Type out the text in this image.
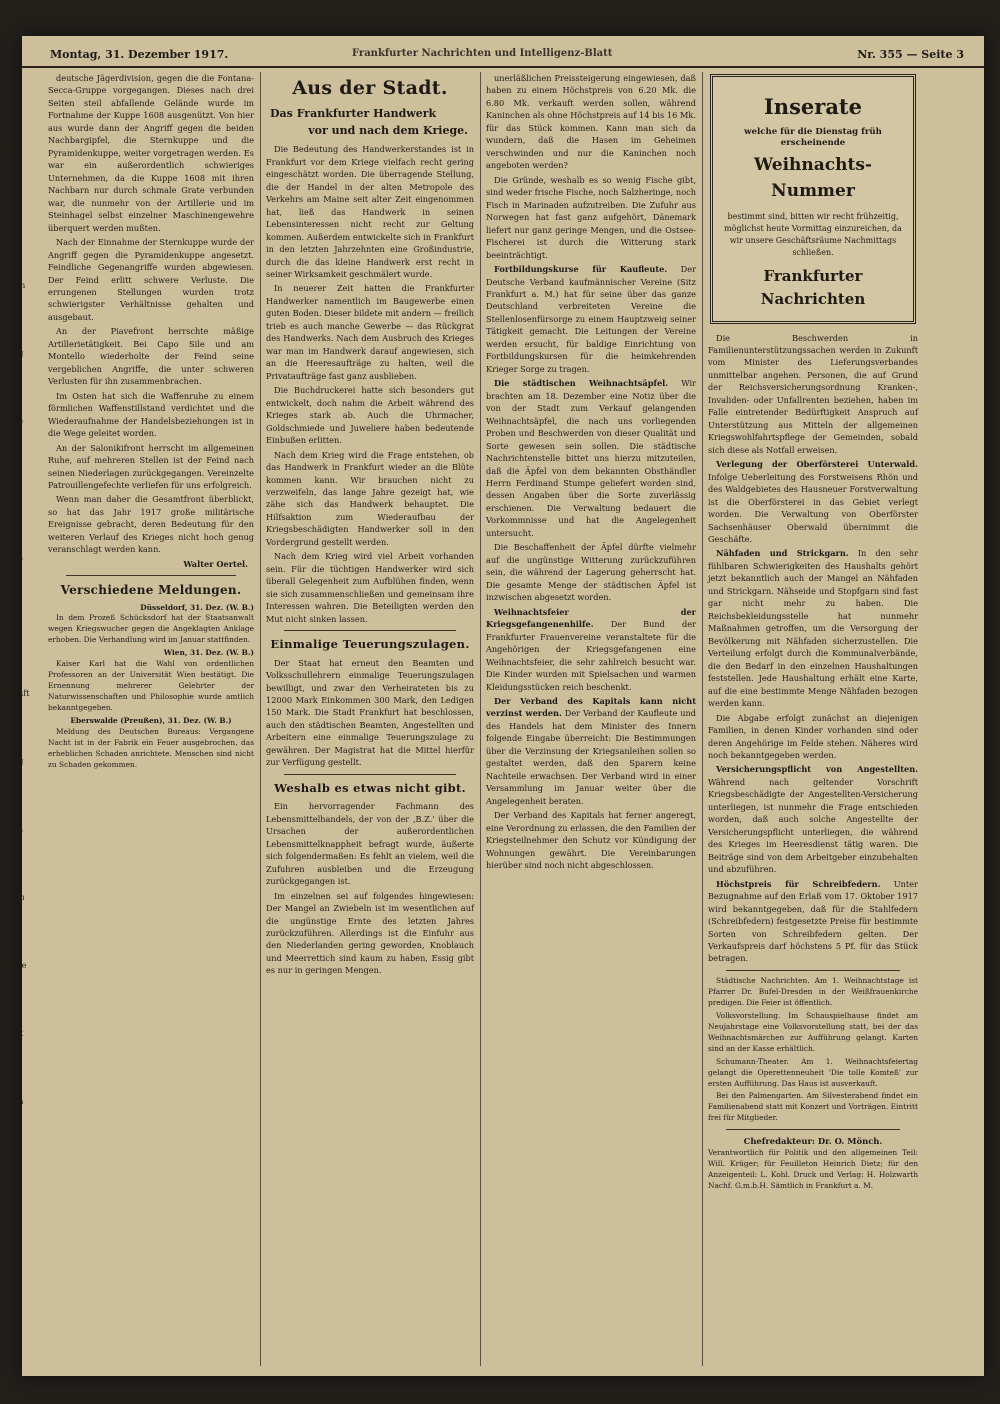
..ß
die
in
iken
ung
nde
ehr
ben
pes
kunft
ung
lien
rum
orde
tert
ifen
ern
Montag, 31. Dezember 1917.	Frankfurter Nachrichten und Intelligenz-Blatt	Nr. 355 — Seite 3

deutsche Jägerdivision, gegen die die Fontana-Secca-Gruppe vorgegangen. Dieses nach drei Seiten steil abfallende Gelände wurde im Fortnahme der Kuppe 1608 ausgenützt. Von hier aus wurde dann der Angriff gegen die beiden Nachbargipfel, die Sternkuppe und die Pyramidenkuppe, weiter vorgetragen werden. Es war ein außerordentlich schwieriges Unternehmen, da die Kuppe 1608 mit ihren Nachbarn nur durch schmale Grate verbunden war, die nunmehr von der Artillerie und im Steinhagel selbst einzelner Maschinengewehre überquert werden mußten.

Nach der Einnahme der Sternkuppe wurde der Angriff gegen die Pyramidenkuppe angesetzt. Feindliche Gegenangriffe wurden abgewiesen. Der Feind erlitt schwere Verluste. Die errungenen Stellungen wurden trotz schwierigster Verhältnisse gehalten und ausgebaut.

An der Piavefront herrschte mäßige Artillerietätigkeit. Bei Capo Sile und am Montello wiederholte der Feind seine vergeblichen Angriffe, die unter schweren Verlusten für ihn zusammenbrachen.

Im Osten hat sich die Waffenruhe zu einem förmlichen Waffenstillstand verdichtet und die Wiederaufnahme der Handelsbeziehungen ist in die Wege geleitet worden.

An der Salonikifront herrscht im allgemeinen Ruhe, auf mehreren Stellen ist der Feind nach seinen Niederlagen zurückgegangen. Vereinzelte Patrouillengefechte verliefen für uns erfolgreich.

Wenn man daher die Gesamtfront überblickt, so hat das Jahr 1917 große militärische Ereignisse gebracht, deren Bedeutung für den weiteren Verlauf des Krieges nicht hoch genug veranschlagt werden kann.

Walter Oertel.
Verschiedene Meldungen.
Düsseldorf, 31. Dez. (W. B.)

In dem Prozeß Schücksdorf hat der Staatsanwalt wegen Kriegswucher gegen die Angeklagten Anklage erhoben. Die Verhandlung wird im Januar stattfinden.

Wien, 31. Dez. (W. B.)

Kaiser Karl hat die Wahl von ordentlichen Professoren an der Universität Wien bestätigt. Die Ernennung mehrerer Gelehrter der Naturwissenschaften und Philosophie wurde amtlich bekanntgegeben.

Eberswalde (Preußen), 31. Dez. (W. B.)

Meldung des Deutschen Bureaus: Vergangene Nacht ist in der Fabrik ein Feuer ausgebrochen, das erheblichen Schaden anrichtete. Menschen sind nicht zu Schaden gekommen.

Aus der Stadt.
Das Frankfurter Handwerk
vor und nach dem Kriege.

Die Bedeutung des Handwerkerstandes ist in Frankfurt vor dem Kriege vielfach recht gering eingeschätzt worden. Die überragende Stellung, die der Handel in der alten Metropole des Verkehrs am Maine seit alter Zeit eingenommen hat, ließ das Handwerk in seinen Lebensinteressen nicht recht zur Geltung kommen. Außerdem entwickelte sich in Frankfurt in den letzten Jahrzehnten eine Großindustrie, durch die das kleine Handwerk erst recht in seiner Wirksamkeit geschmälert wurde.

In neuerer Zeit hatten die Frankfurter Handwerker namentlich im Baugewerbe einen guten Boden. Dieser bildete mit andern — freilich trieb es auch manche Gewerbe — das Rückgrat des Handwerks. Nach dem Ausbruch des Krieges war man im Handwerk darauf angewiesen, sich an die Heeresaufträge zu halten, weil die Privataufträge fast ganz ausblieben.

Die Buchdruckerei hatte sich besonders gut entwickelt, doch nahm die Arbeit während des Krieges stark ab. Auch die Uhrmacher, Goldschmiede und Juweliere haben bedeutende Einbußen erlitten.

Nach dem Krieg wird die Frage entstehen, ob das Handwerk in Frankfurt wieder an die Blüte kommen kann. Wir brauchen nicht zu verzweifeln, das lange Jahre gezeigt hat, wie zähe sich das Handwerk behauptet. Die Hilfsaktion zum Wiederaufbau der Kriegsbeschädigten Handwerker soll in den Vordergrund gestellt werden.

Nach dem Krieg wird viel Arbeit vorhanden sein. Für die tüchtigen Handwerker wird sich überall Gelegenheit zum Aufblühen finden, wenn sie sich zusammenschließen und gemeinsam ihre Interessen wahren. Die Beteiligten werden den Mut nicht sinken lassen.

Einmalige Teuerungszulagen.

Der Staat hat erneut den Beamten und Volksschullehrern einmalige Teuerungszulagen bewilligt, und zwar den Verheirateten bis zu 12000 Mark Einkommen 300 Mark, den Ledigen 150 Mark. Die Stadt Frankfurt hat beschlossen, auch den städtischen Beamten, Angestellten und Arbeitern eine einmalige Teuerungszulage zu gewähren. Der Magistrat hat die Mittel hierfür zur Verfügung gestellt.

Weshalb es etwas nicht gibt.

Ein hervorragender Fachmann des Lebensmittelhandels, der von der ‚B.Z.' über die Ursachen der außerordentlichen Lebensmittelknappheit befragt wurde, äußerte sich folgendermaßen: Es fehlt an vielem, weil die Zufuhren ausbleiben und die Erzeugung zurückgegangen ist.

Im einzelnen sei auf folgendes hingewiesen: Der Mangel an Zwiebeln ist im wesentlichen auf die ungünstige Ernte des letzten Jahres zurückzuführen. Allerdings ist die Einfuhr aus den Niederlanden gering geworden, Knoblauch und Meerrettich sind kaum zu haben, Essig gibt es nur in geringen Mengen.

unerläßlichen Preissteigerung eingewiesen, daß haben zu einem Höchstpreis von 6.20 Mk. die 6.80 Mk. verkauft werden sollen, während Kaninchen als ohne Höchstpreis auf 14 bis 16 Mk. für das Stück kommen. Kann man sich da wundern, daß die Hasen im Geheimen verschwinden und nur die Kaninchen noch angeboten werden?

Die Gründe, weshalb es so wenig Fische gibt, sind weder frische Fische, noch Salzheringe, noch Fisch in Marinaden aufzutreiben. Die Zufuhr aus Norwegen hat fast ganz aufgehört, Dänemark liefert nur ganz geringe Mengen, und die Ostsee-Fischerei ist durch die Witterung stark beeinträchtigt.

Fortbildungskurse für Kaufleute. Der Deutsche Verband kaufmännischer Vereine (Sitz Frankfurt a. M.) hat für seine über das ganze Deutschland verbreiteten Vereine die Stellenlosenfürsorge zu einem Hauptzweig seiner Tätigkeit gemacht. Die Leitungen der Vereine werden ersucht, für baldige Einrichtung von Fortbildungskursen für die heimkehrenden Krieger Sorge zu tragen.

Die städtischen Weihnachtsäpfel. Wir brachten am 18. Dezember eine Notiz über die von der Stadt zum Verkauf gelangenden Weihnachtsäpfel, die nach uns vorliegenden Proben und Beschwerden von dieser Qualität und Sorte gewesen sein sollen. Die städtische Nachrichtenstelle bittet uns hierzu mitzuteilen, daß die Äpfel von dem bekannten Obsthändler Herrn Ferdinand Stumpe geliefert worden sind, dessen Angaben über die Sorte zuverlässig erschienen. Die Verwaltung bedauert die Vorkommnisse und hat die Angelegenheit untersucht.

Die Beschaffenheit der Äpfel dürfte vielmehr auf die ungünstige Witterung zurückzuführen sein, die während der Lagerung geherrscht hat. Die gesamte Menge der städtischen Äpfel ist inzwischen abgesetzt worden.

Weihnachtsfeier der Kriegsgefangenenhilfe. Der Bund der Frankfurter Frauenvereine veranstaltete für die Angehörigen der Kriegsgefangenen eine Weihnachtsfeier, die sehr zahlreich besucht war. Die Kinder wurden mit Spielsachen und warmen Kleidungsstücken reich beschenkt.

Der Verband des Kapitals kann nicht verzinst werden. Der Verband der Kaufleute und des Handels hat dem Minister des Innern folgende Eingabe überreicht: Die Bestimmungen über die Verzinsung der Kriegsanleihen sollen so gestaltet werden, daß den Sparern keine Nachteile erwachsen. Der Verband wird in einer Versammlung im Januar weiter über die Angelegenheit beraten.

Der Verband des Kapitals hat ferner angeregt, eine Verordnung zu erlassen, die den Familien der Kriegsteilnehmer den Schutz vor Kündigung der Wohnungen gewährt. Die Vereinbarungen hierüber sind noch nicht abgeschlossen.

Inserate
welche für die Dienstag früh erscheinende
Weihnachts-Nummer
bestimmt sind, bitten wir recht frühzeitig, möglichst heute Vormittag einzureichen, da wir unsere Geschäftsräume Nachmittags schließen.
Frankfurter Nachrichten

Die Beschwerden in Familienunterstützungssachen werden in Zukunft vom Minister des Lieferungsverbandes unmittelbar angehen. Personen, die auf Grund der Reichsversicherungsordnung Kranken-, Invaliden- oder Unfallrenten beziehen, haben im Falle eintretender Bedürftigkeit Anspruch auf Unterstützung aus Mitteln der allgemeinen Kriegswohlfahrtspflege der Gemeinden, sobald sich diese als Notfall erweisen.

Verlegung der Oberförsterei Unterwald. Infolge Ueberleitung des Forstweisens Rhön und des Waldgebietes des Hausneuer Forstverwaltung ist die Oberförsterei in das Gebiet verlegt worden. Die Verwaltung von Oberförster Sachsenhäuser Oberwald übernimmt die Geschäfte.

Nähfaden und Strickgarn. In den sehr fühlbaren Schwierigkeiten des Haushalts gehört jetzt bekanntlich auch der Mangel an Nähfaden und Strickgarn. Nähseide und Stopfgarn sind fast gar nicht mehr zu haben. Die Reichsbekleidungsstelle hat nunmehr Maßnahmen getroffen, um die Versorgung der Bevölkerung mit Nähfaden sicherzustellen. Die Verteilung erfolgt durch die Kommunalverbände, die den Bedarf in den einzelnen Haushaltungen feststellen. Jede Haushaltung erhält eine Karte, auf die eine bestimmte Menge Nähfaden bezogen werden kann.

Die Abgabe erfolgt zunächst an diejenigen Familien, in denen Kinder vorhanden sind oder deren Angehörige im Felde stehen. Näheres wird noch bekanntgegeben werden.

Versicherungspflicht von Angestellten. Während nach geltender Vorschrift Kriegsbeschädigte der Angestellten-Versicherung unterliegen, ist nunmehr die Frage entschieden worden, daß auch solche Angestellte der Versicherungspflicht unterliegen, die während des Krieges im Heeresdienst tätig waren. Die Beiträge sind von dem Arbeitgeber einzubehalten und abzuführen.

Höchstpreis für Schreibfedern. Unter Bezugnahme auf den Erlaß vom 17. Oktober 1917 wird bekanntgegeben, daß für die Stahlfedern (Schreibfedern) festgesetzte Preise für bestimmte Sorten von Schreibfedern gelten. Der Verkaufspreis darf höchstens 5 Pf. für das Stück betragen.

Städtische Nachrichten. Am 1. Weihnachtstage ist Pfarrer Dr. Bufel-Dresden in der Weißfrauenkirche predigen. Die Feier ist öffentlich.

Volksvorstellung. Im Schauspielhause findet am Neujahrstage eine Volksvorstellung statt, bei der das Weihnachtsmärchen zur Aufführung gelangt. Karten sind an der Kasse erhältlich.

Schumann-Theater. Am 1. Weihnachtsfeiertag gelangt die Operettenneuheit 'Die tolle Komteß' zur ersten Aufführung. Das Haus ist ausverkauft.

Bei den Palmengarten. Am Silvesterabend findet ein Familienabend statt mit Konzert und Vorträgen. Eintritt frei für Mitglieder.

Chefredakteur: Dr. O. Mönch.

Verantwortlich für Politik und den allgemeinen Teil: Will. Krüger; für Feuilleton Heinrich Dietz; für den Anzeigenteil: L. Kohl. Druck und Verlag: H. Holzwarth Nachf. G.m.b.H. Sämtlich in Frankfurt a. M.
